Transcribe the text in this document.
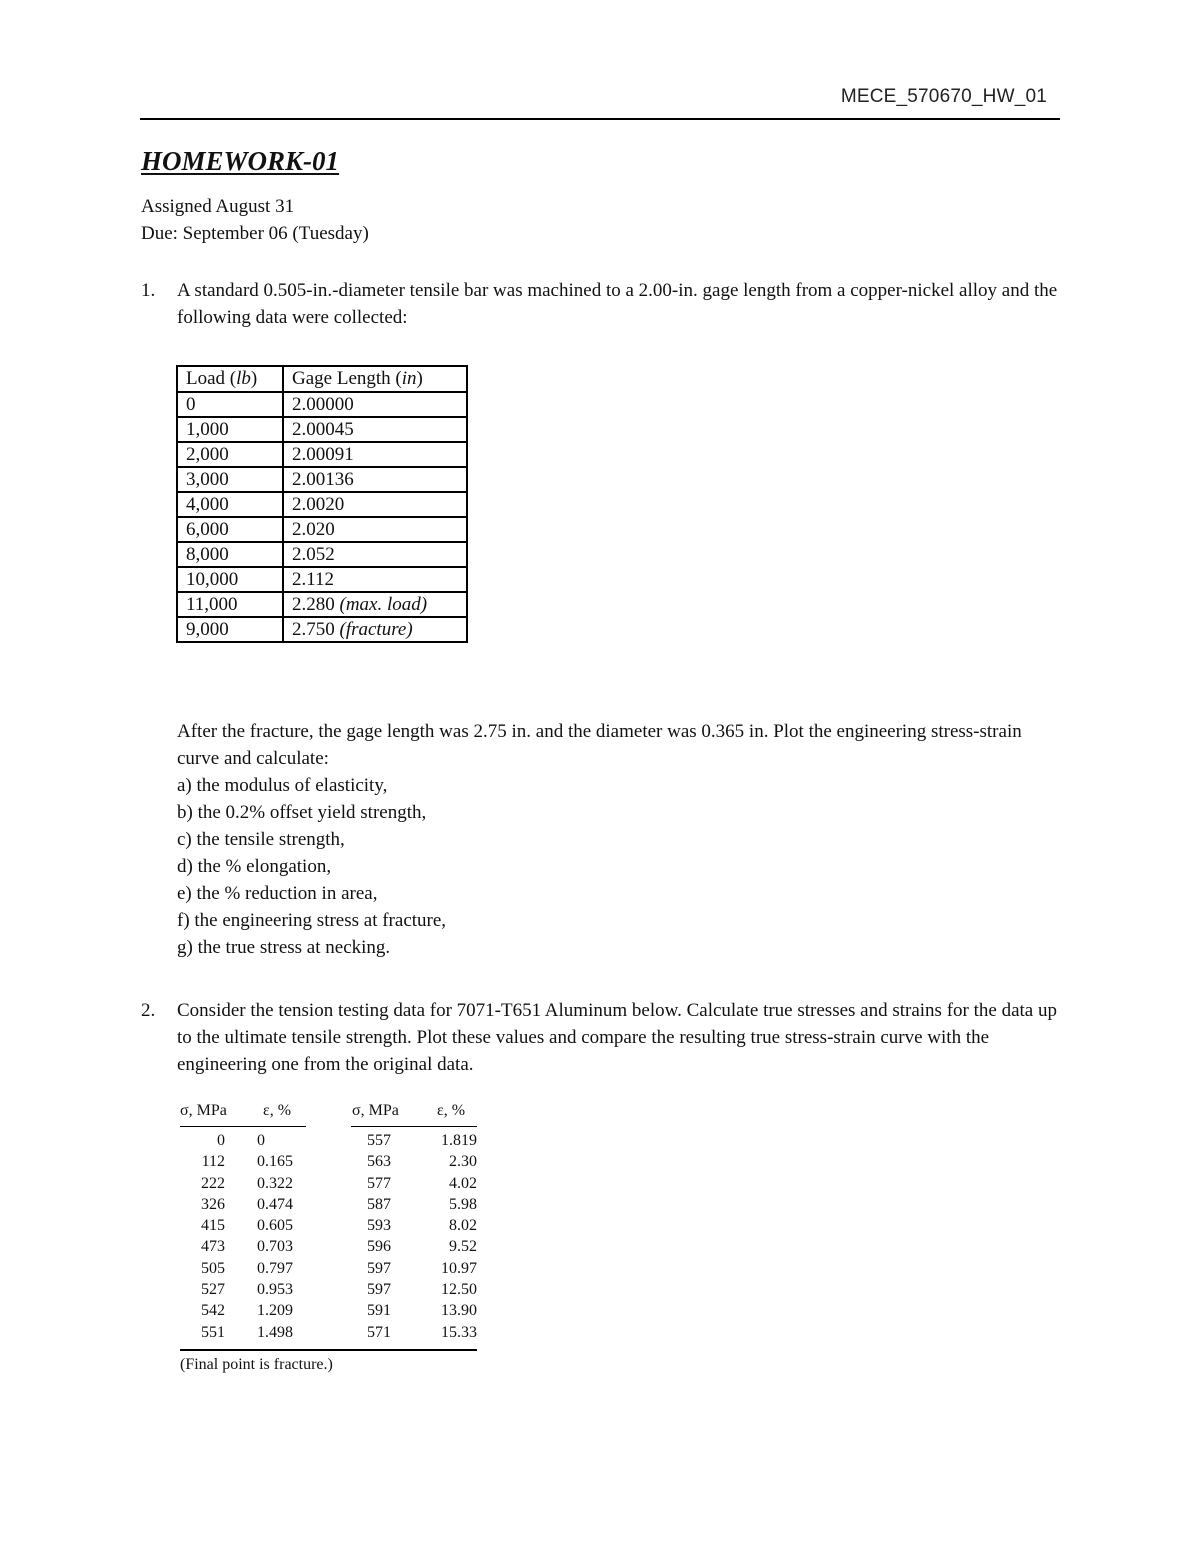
MECE_570670_HW_01
HOMEWORK-01
Assigned August 31
Due: September 06 (Tuesday)
1. A standard 0.505-in.-diameter tensile bar was machined to a 2.00-in. gage length from a copper-nickel alloy and the following data were collected:
Load (lb)	Gage Length (in)
0	2.00000
1,000	2.00045
2,000	2.00091
3,000	2.00136
4,000	2.0020
6,000	2.020
8,000	2.052
10,000	2.112
11,000	2.280 (max. load)
9,000	2.750 (fracture)
After the fracture, the gage length was 2.75 in. and the diameter was 0.365 in. Plot the engineering stress-strain curve and calculate:
a) the modulus of elasticity,
b) the 0.2% offset yield strength,
c) the tensile strength,
d) the % elongation,
e) the % reduction in area,
f) the engineering stress at fracture,
g) the true stress at necking.
2. Consider the tension testing data for 7071-T651 Aluminum below. Calculate true stresses and strains for the data up to the ultimate tensile strength. Plot these values and compare the resulting true stress-strain curve with the engineering one from the original data.
σ, MPa ε, %	σ, MPa ε, %
0 0	557	1.819
112 0.165	563	2.30
222 0.322	577	4.02
326 0.474	587	5.98
415 0.605	593	8.02
473 0.703	596	9.52
505 0.797	597	10.97
527 0.953	597	12.50
542 1.209	591	13.90
551 1.498	571	15.33
(Final point is fracture.)
